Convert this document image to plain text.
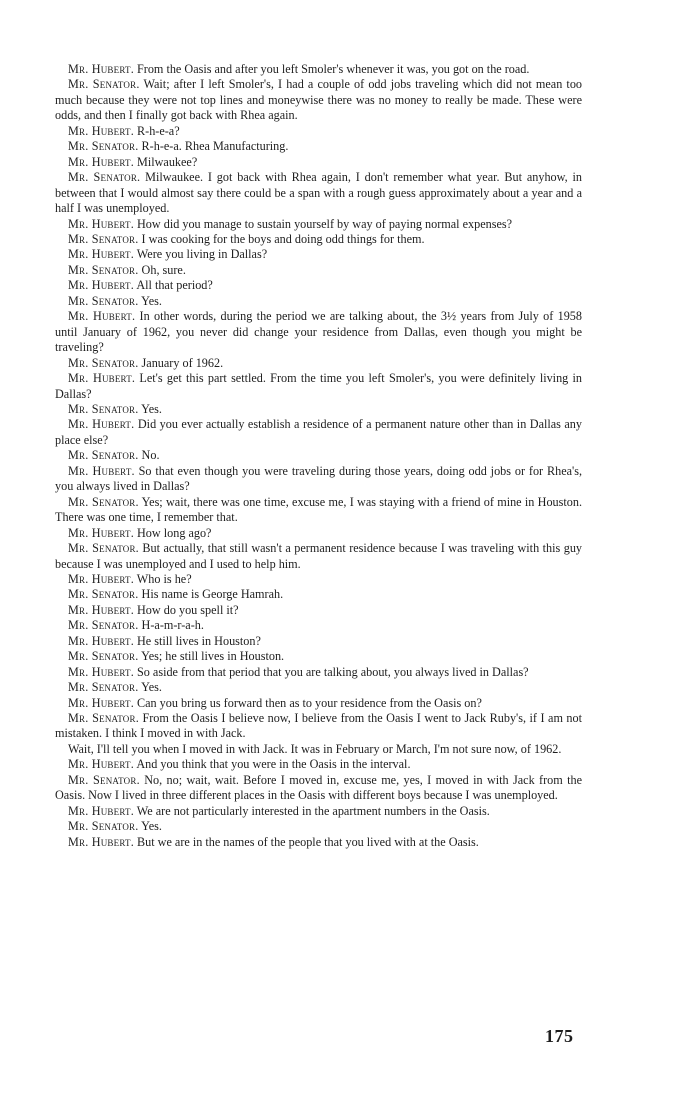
Mr. Hubert. From the Oasis and after you left Smoler's whenever it was, you got on the road.

Mr. Senator. Wait; after I left Smoler's, I had a couple of odd jobs traveling which did not mean too much because they were not top lines and moneywise there was no money to really be made. These were odds, and then I finally got back with Rhea again.

Mr. Hubert. R-h-e-a?

Mr. Senator. R-h-e-a. Rhea Manufacturing.

Mr. Hubert. Milwaukee?

Mr. Senator. Milwaukee. I got back with Rhea again, I don't remember what year. But anyhow, in between that I would almost say there could be a span with a rough guess approximately about a year and a half I was unemployed.

Mr. Hubert. How did you manage to sustain yourself by way of paying normal expenses?

Mr. Senator. I was cooking for the boys and doing odd things for them.

Mr. Hubert. Were you living in Dallas?

Mr. Senator. Oh, sure.

Mr. Hubert. All that period?

Mr. Senator. Yes.

Mr. Hubert. In other words, during the period we are talking about, the 3½ years from July of 1958 until January of 1962, you never did change your residence from Dallas, even though you might be traveling?

Mr. Senator. January of 1962.

Mr. Hubert. Let's get this part settled. From the time you left Smoler's, you were definitely living in Dallas?

Mr. Senator. Yes.

Mr. Hubert. Did you ever actually establish a residence of a permanent nature other than in Dallas any place else?

Mr. Senator. No.

Mr. Hubert. So that even though you were traveling during those years, doing odd jobs or for Rhea's, you always lived in Dallas?

Mr. Senator. Yes; wait, there was one time, excuse me, I was staying with a friend of mine in Houston. There was one time, I remember that.

Mr. Hubert. How long ago?

Mr. Senator. But actually, that still wasn't a permanent residence because I was traveling with this guy because I was unemployed and I used to help him.

Mr. Hubert. Who is he?

Mr. Senator. His name is George Hamrah.

Mr. Hubert. How do you spell it?

Mr. Senator. H-a-m-r-a-h.

Mr. Hubert. He still lives in Houston?

Mr. Senator. Yes; he still lives in Houston.

Mr. Hubert. So aside from that period that you are talking about, you always lived in Dallas?

Mr. Senator. Yes.

Mr. Hubert. Can you bring us forward then as to your residence from the Oasis on?

Mr. Senator. From the Oasis I believe now, I believe from the Oasis I went to Jack Ruby's, if I am not mistaken. I think I moved in with Jack.

Wait, I'll tell you when I moved in with Jack. It was in February or March, I'm not sure now, of 1962.

Mr. Hubert. And you think that you were in the Oasis in the interval.

Mr. Senator. No, no; wait, wait. Before I moved in, excuse me, yes, I moved in with Jack from the Oasis. Now I lived in three different places in the Oasis with different boys because I was unemployed.

Mr. Hubert. We are not particularly interested in the apartment numbers in the Oasis.

Mr. Senator. Yes.

Mr. Hubert. But we are in the names of the people that you lived with at the Oasis.

175
